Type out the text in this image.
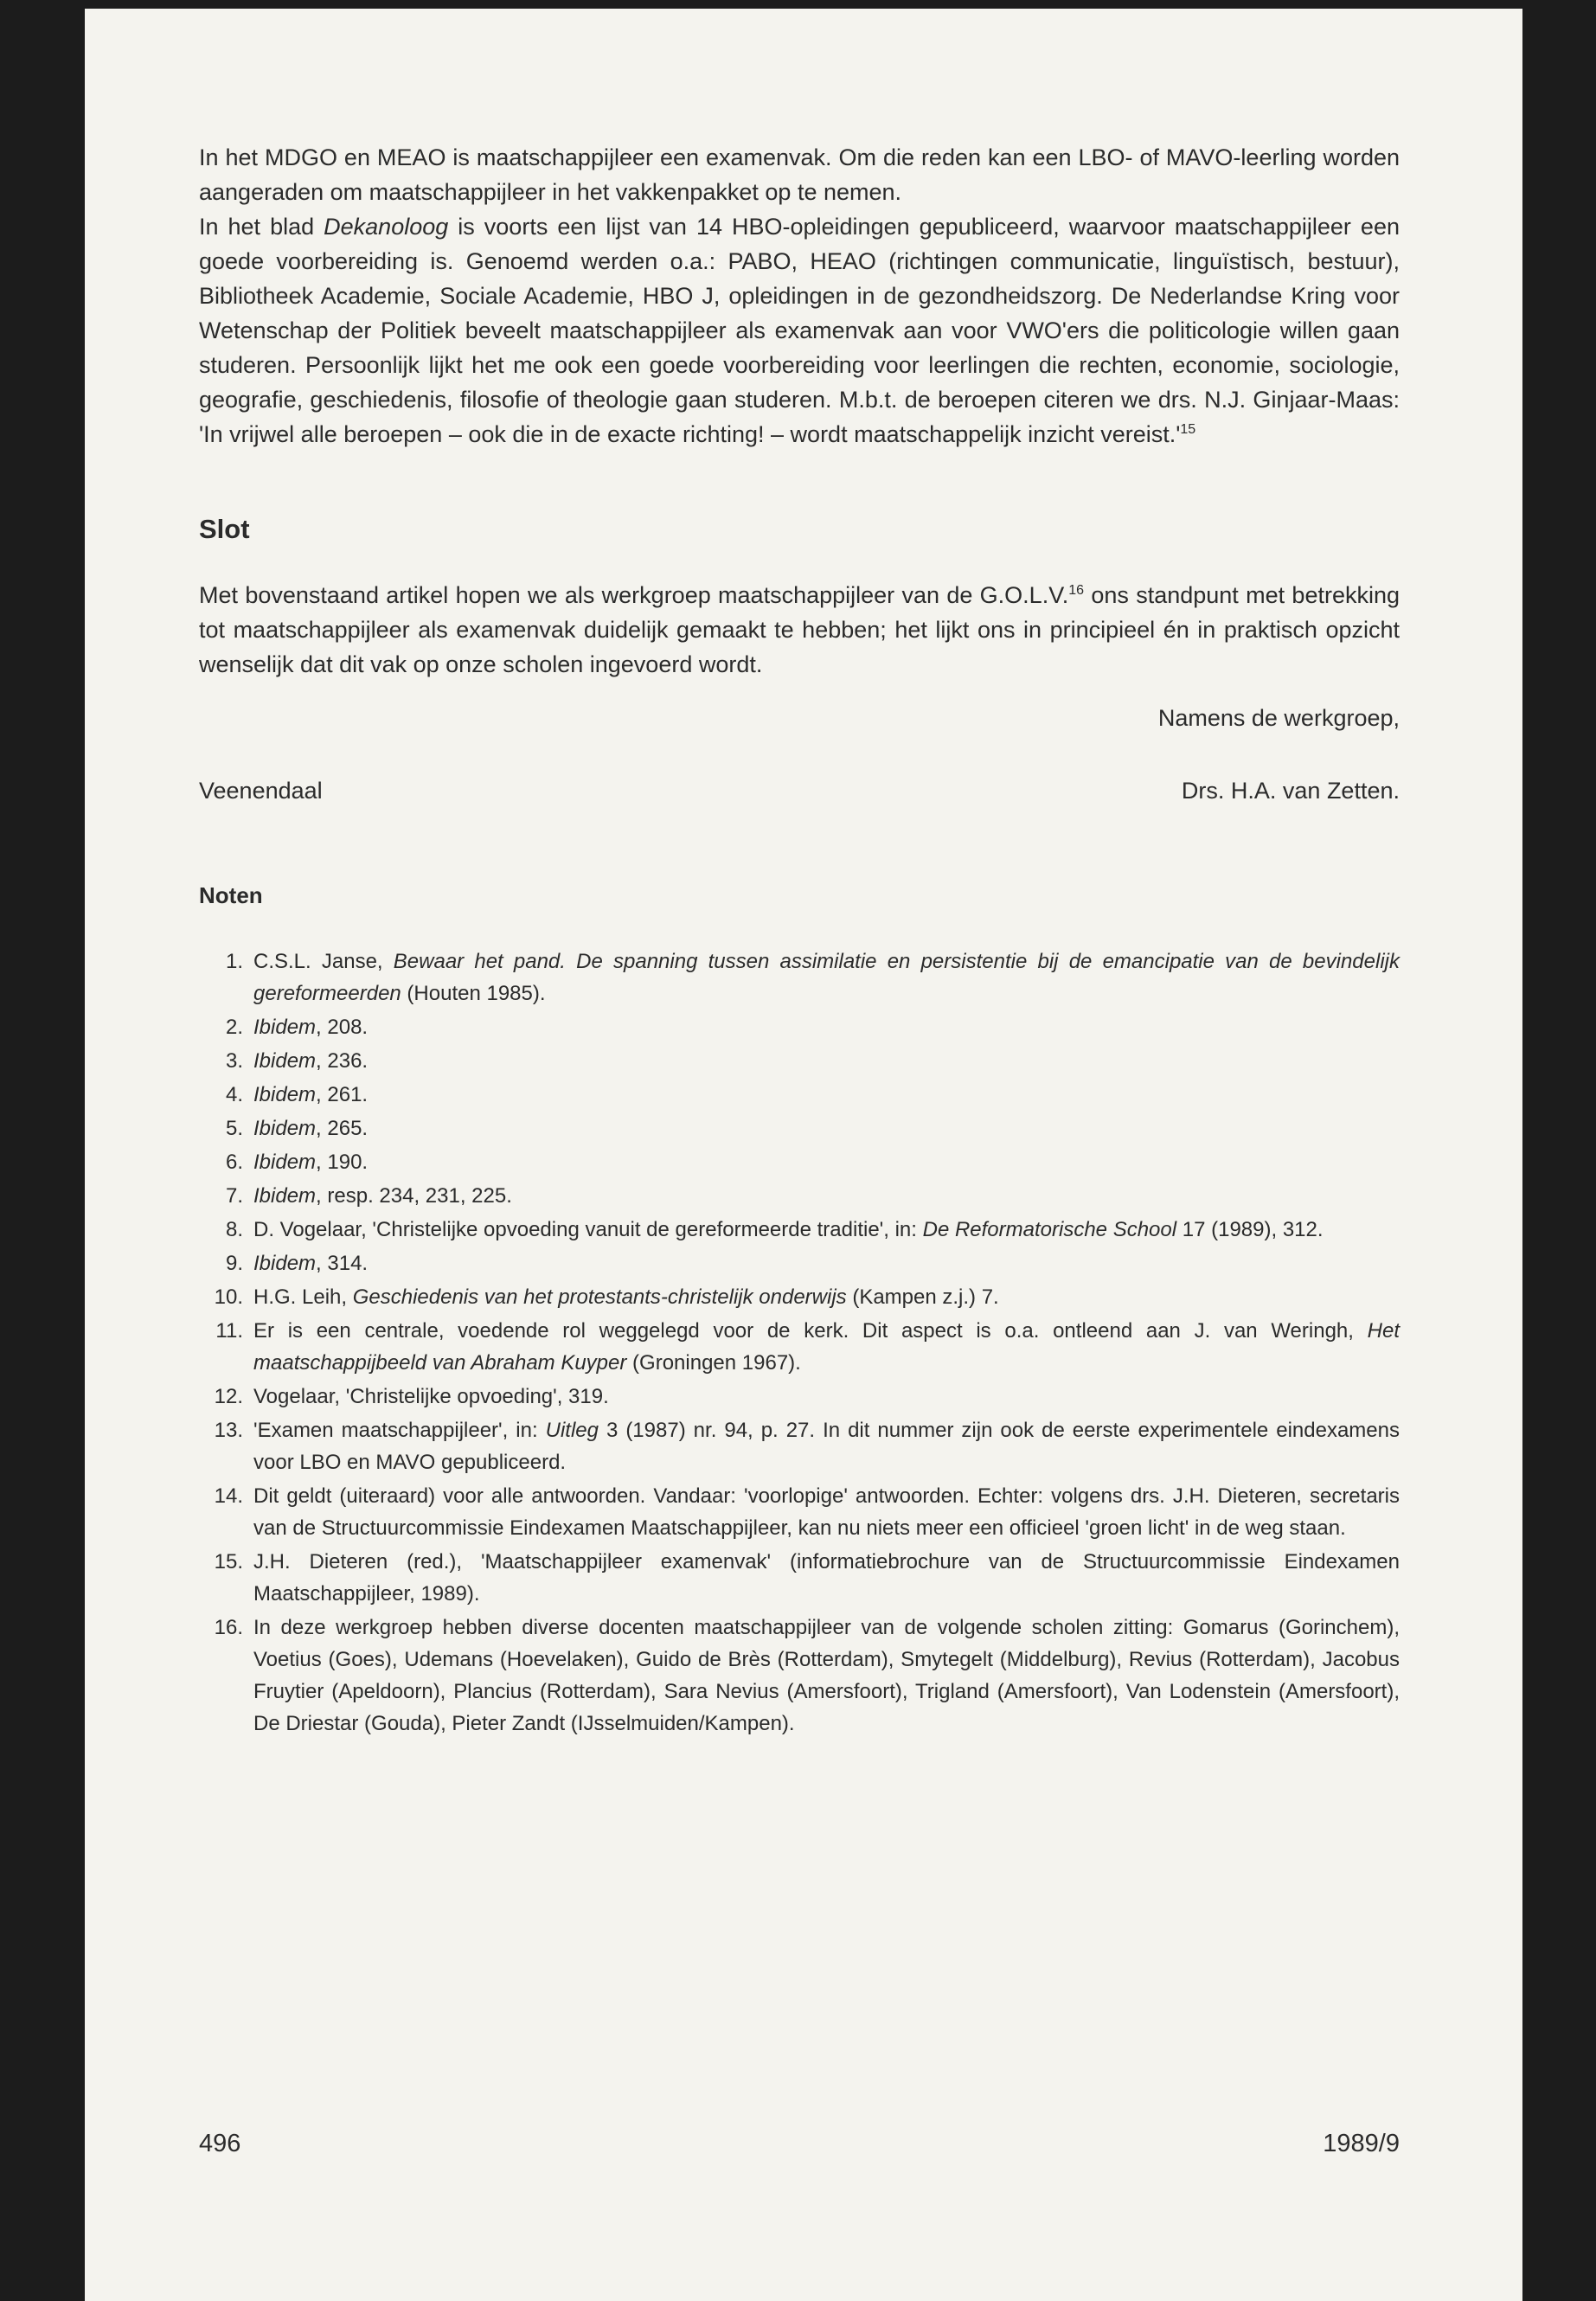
In het MDGO en MEAO is maatschappijleer een examenvak. Om die reden kan een LBO- of MAVO-leerling worden aangeraden om maatschappijleer in het vakkenpakket op te nemen.

In het blad Dekanoloog is voorts een lijst van 14 HBO-opleidingen gepubliceerd, waarvoor maatschappijleer een goede voorbereiding is. Genoemd werden o.a.: PABO, HEAO (richtingen communicatie, linguïstisch, bestuur), Bibliotheek Academie, Sociale Academie, HBO J, opleidingen in de gezondheidszorg. De Nederlandse Kring voor Wetenschap der Politiek beveelt maatschappijleer als examenvak aan voor VWO'ers die politicologie willen gaan studeren. Persoonlijk lijkt het me ook een goede voorbereiding voor leerlingen die rechten, economie, sociologie, geografie, geschiedenis, filosofie of theologie gaan studeren. M.b.t. de beroepen citeren we drs. N.J. Ginjaar-Maas: 'In vrijwel alle beroepen – ook die in de exacte richting! – wordt maatschappelijk inzicht $vereist.'^{15}$

Slot

Met bovenstaand artikel hopen we als werkgroep maatschappijleer van de G.O.L.V.$^{16}$ ons standpunt met betrekking tot maatschappijleer als examenvak duidelijk gemaakt te hebben; het lijkt ons in principieel én in praktisch opzicht wenselijk dat dit vak op onze scholen ingevoerd wordt.

Namens de werkgroep,
Veenendaal	Drs. H.A. van Zetten.
Noten
1. C.S.L. Janse, Bewaar het pand. De spanning tussen assimilatie en persistentie bij de emancipatie van de bevindelijk gereformeerden (Houten 1985).
2. Ibidem, 208.
3. Ibidem, 236.
4. Ibidem, 261.
5. Ibidem, 265.
6. Ibidem, 190.
7. Ibidem, resp. 234, 231, 225.
8. D. Vogelaar, 'Christelijke opvoeding vanuit de gereformeerde traditie', in: De Reformatorische School 17 (1989), 312.
9. Ibidem, 314.
10. H.G. Leih, Geschiedenis van het protestants-christelijk onderwijs (Kampen z.j.) 7.
11. Er is een centrale, voedende rol weggelegd voor de kerk. Dit aspect is o.a. ontleend aan J. van Weringh, Het maatschappijbeeld van Abraham Kuyper (Groningen 1967).
12. Vogelaar, 'Christelijke opvoeding', 319.
13. 'Examen maatschappijleer', in: Uitleg 3 (1987) nr. 94, p. 27. In dit nummer zijn ook de eerste experimentele eindexamens voor LBO en MAVO gepubliceerd.
14. Dit geldt (uiteraard) voor alle antwoorden. Vandaar: 'voorlopige' antwoorden. Echter: volgens drs. J.H. Dieteren, secretaris van de Structuurcommissie Eindexamen Maatschappijleer, kan nu niets meer een officieel 'groen licht' in de weg staan.
15. J.H. Dieteren (red.), 'Maatschappijleer examenvak' (informatiebrochure van de Structuurcommissie Eindexamen Maatschappijleer, 1989).
16. In deze werkgroep hebben diverse docenten maatschappijleer van de volgende scholen zitting: Gomarus (Gorinchem), Voetius (Goes), Udemans (Hoevelaken), Guido de Brès (Rotterdam), Smytegelt (Middelburg), Revius (Rotterdam), Jacobus Fruytier (Apeldoorn), Plancius (Rotterdam), Sara Nevius (Amersfoort), Trigland (Amersfoort), Van Lodenstein (Amersfoort), De Driestar (Gouda), Pieter Zandt (IJsselmuiden/Kampen).
496	1989/9
